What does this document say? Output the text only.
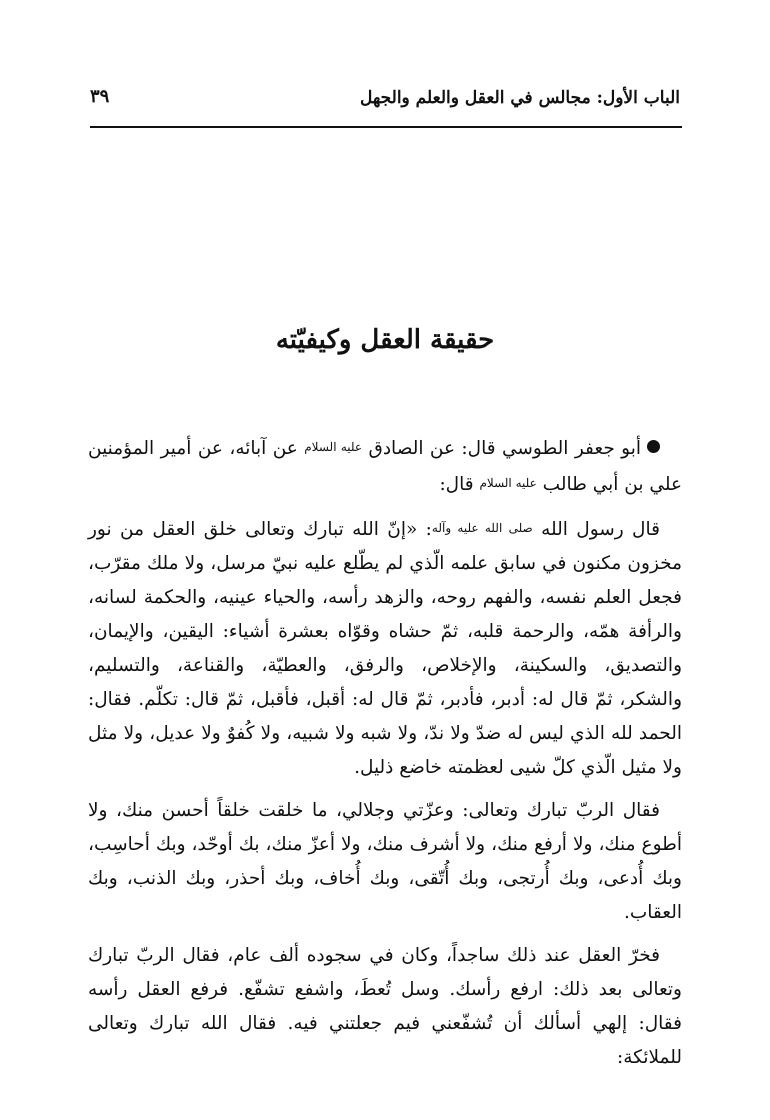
الباب الأول: مجالس في العقل والعلم والجهل
٣٩
حقيقة العقل وكيفيّته

أبو جعفر الطوسي قال: عن الصادق عليه السلام عن آبائه، عن أمير المؤمنين علي بن أبي طالب عليه السلام قال:

قال رسول الله صلى الله عليه وآله: «إنّ الله تبارك وتعالى خلق العقل من نور مخزون مكنون في سابق علمه الّذي لم يطّلع عليه نبيّ مرسل، ولا ملك مقرّب، فجعل العلم نفسه، والفهم روحه، والزهد رأسه، والحياء عينيه، والحكمة لسانه، والرأفة همّه، والرحمة قلبه، ثمّ حشاه وقوّاه بعشرة أشياء: اليقين، والإيمان، والتصديق، والسكينة، والإخلاص، والرفق، والعطيّة، والقناعة، والتسليم، والشكر، ثمّ قال له: أدبر، فأدبر، ثمّ قال له: أقبل، فأقبل، ثمّ قال: تكلّم. فقال: الحمد لله الذي ليس له ضدّ ولا ندّ، ولا شبه ولا شبيه، ولا كُفوٌ ولا عديل، ولا مثل ولا مثيل الّذي كلّ شيى لعظمته خاضع ذليل.

فقال الربّ تبارك وتعالى: وعزّتي وجلالي، ما خلقت خلقاً أحسن منك، ولا أطوع منك، ولا أرفع منك، ولا أشرف منك، ولا أعزّ منك، بك أوحّد، وبك أحاسِب، وبك أُدعى، وبك أُرتجى، وبك أُتّقى، وبك أُخاف، وبك أحذر، وبك الذنب، وبك العقاب.

فخرّ العقل عند ذلك ساجداً، وكان في سجوده ألف عام، فقال الربّ تبارك وتعالى بعد ذلك: ارفع رأسك. وسل تُعطَ، واشفع تشفّع. فرفع العقل رأسه فقال: إلهي أسألك أن تُشفّعني فيم جعلتني فيه. فقال الله تبارك وتعالى للملائكة:
